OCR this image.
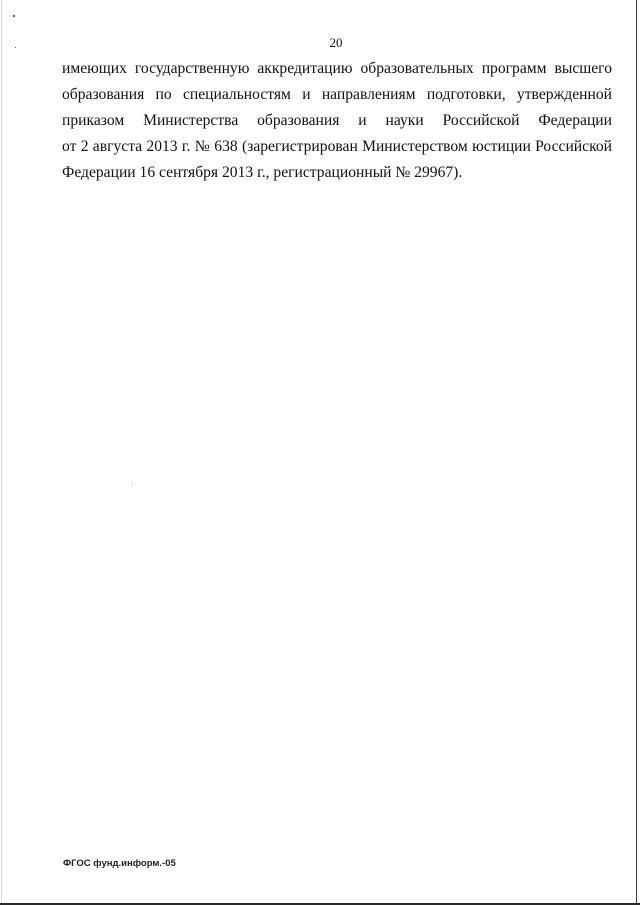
20
имеющих государственную аккредитацию образовательных программ высшего
образования по специальностям и направлениям подготовки, утвержденной
приказом Министерства образования и науки Российской Федерации
от 2 августа 2013 г. № 638 (зарегистрирован Министерством юстиции Российской
Федерации 16 сентября 2013 г., регистрационный № 29967).
ФГОС фунд.информ.-05
